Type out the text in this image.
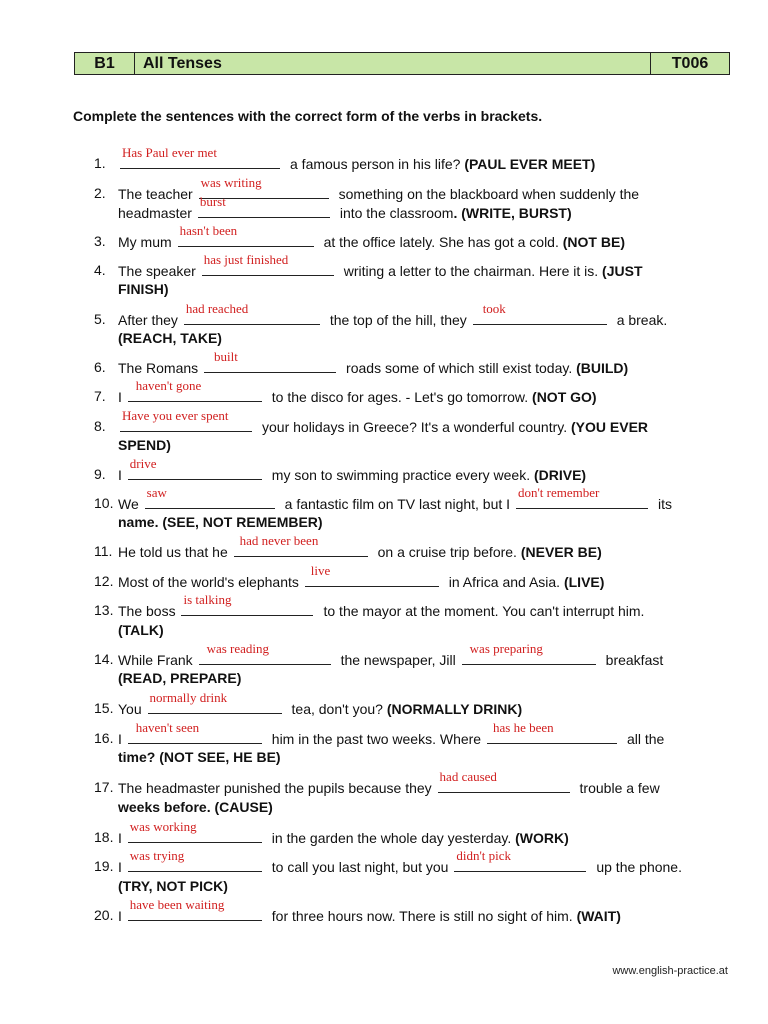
B1	All Tenses	T006
Complete the sentences with the correct form of the verbs in brackets.
1.
Has Paul ever met
a famous person in his life? (PAUL EVER MEET)
2. The teacher
was writing
something on the blackboard when suddenly the
headmaster
burst
into the classroom. (WRITE, BURST)
3. My mum
hasn't been
at the office lately. She has got a cold. (NOT BE)
4. The speaker
has just finished
writing a letter to the chairman. Here it is. (JUST
FINISH)
5. After they
had reached
the top of the hill, they
took
a break.
(REACH, TAKE)
6. The Romans
built
roads some of which still exist today. (BUILD)
7. I
haven't gone
to the disco for ages. - Let's go tomorrow. (NOT GO)
8.
Have you ever spent
your holidays in Greece? It's a wonderful country. (YOU EVER
SPEND)
9. I
drive
my son to swimming practice every week. (DRIVE)
10. We
saw
a fantastic film on TV last night, but I
don't remember
its
name. (SEE, NOT REMEMBER)
11. He told us that he
had never been
on a cruise trip before. (NEVER BE)
12. Most of the world's elephants
live
in Africa and Asia. (LIVE)
13. The boss
is talking
to the mayor at the moment. You can't interrupt him.
(TALK)
14. While Frank
was reading
the newspaper, Jill
was preparing
breakfast
(READ, PREPARE)
15. You
normally drink
tea, don't you? (NORMALLY DRINK)
16. I
haven't seen
him in the past two weeks. Where
has he been
all the
time? (NOT SEE, HE BE)
17. The headmaster punished the pupils because they
had caused
trouble a few
weeks before. (CAUSE)
18. I
was working
in the garden the whole day yesterday. (WORK)
19. I
was trying
to call you last night, but you
didn't pick
up the phone.
(TRY, NOT PICK)
20. I
have been waiting
for three hours now. There is still no sight of him. (WAIT)
www.english-practice.at
